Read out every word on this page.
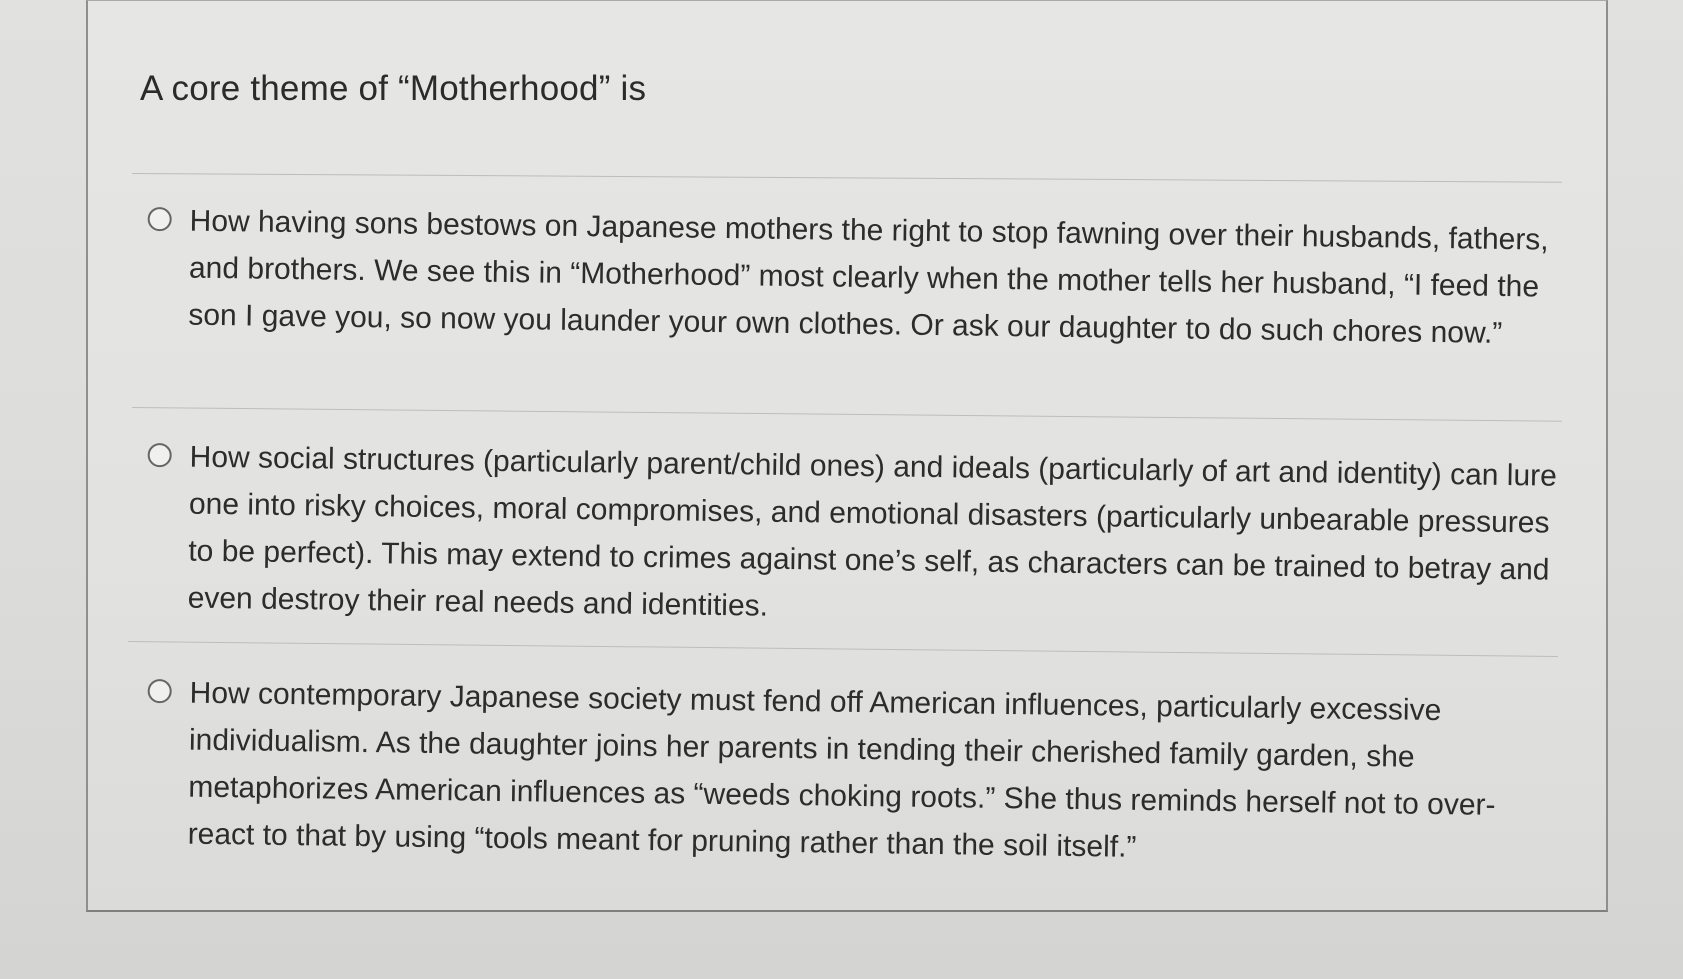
A core theme of “Motherhood” is

How having sons bestows on Japanese mothers the right to stop fawning over their husbands, fathers, and brothers. We see this in “Motherhood” most clearly when the mother tells her husband, “I feed the son I gave you, so now you launder your own clothes. Or ask our daughter to do such chores now.”

How social structures (particularly parent/child ones) and ideals (particularly of art and identity) can lure one into risky choices, moral compromises, and emotional disasters (particularly unbearable pressures to be perfect). This may extend to crimes against one’s self, as characters can be trained to betray and even destroy their real needs and identities.

How contemporary Japanese society must fend off American influences, particularly excessive individualism. As the daughter joins her parents in tending their cherished family garden, she metaphorizes American influences as “weeds choking roots.” She thus reminds herself not to over-react to that by using “tools meant for pruning rather than the soil itself.”
